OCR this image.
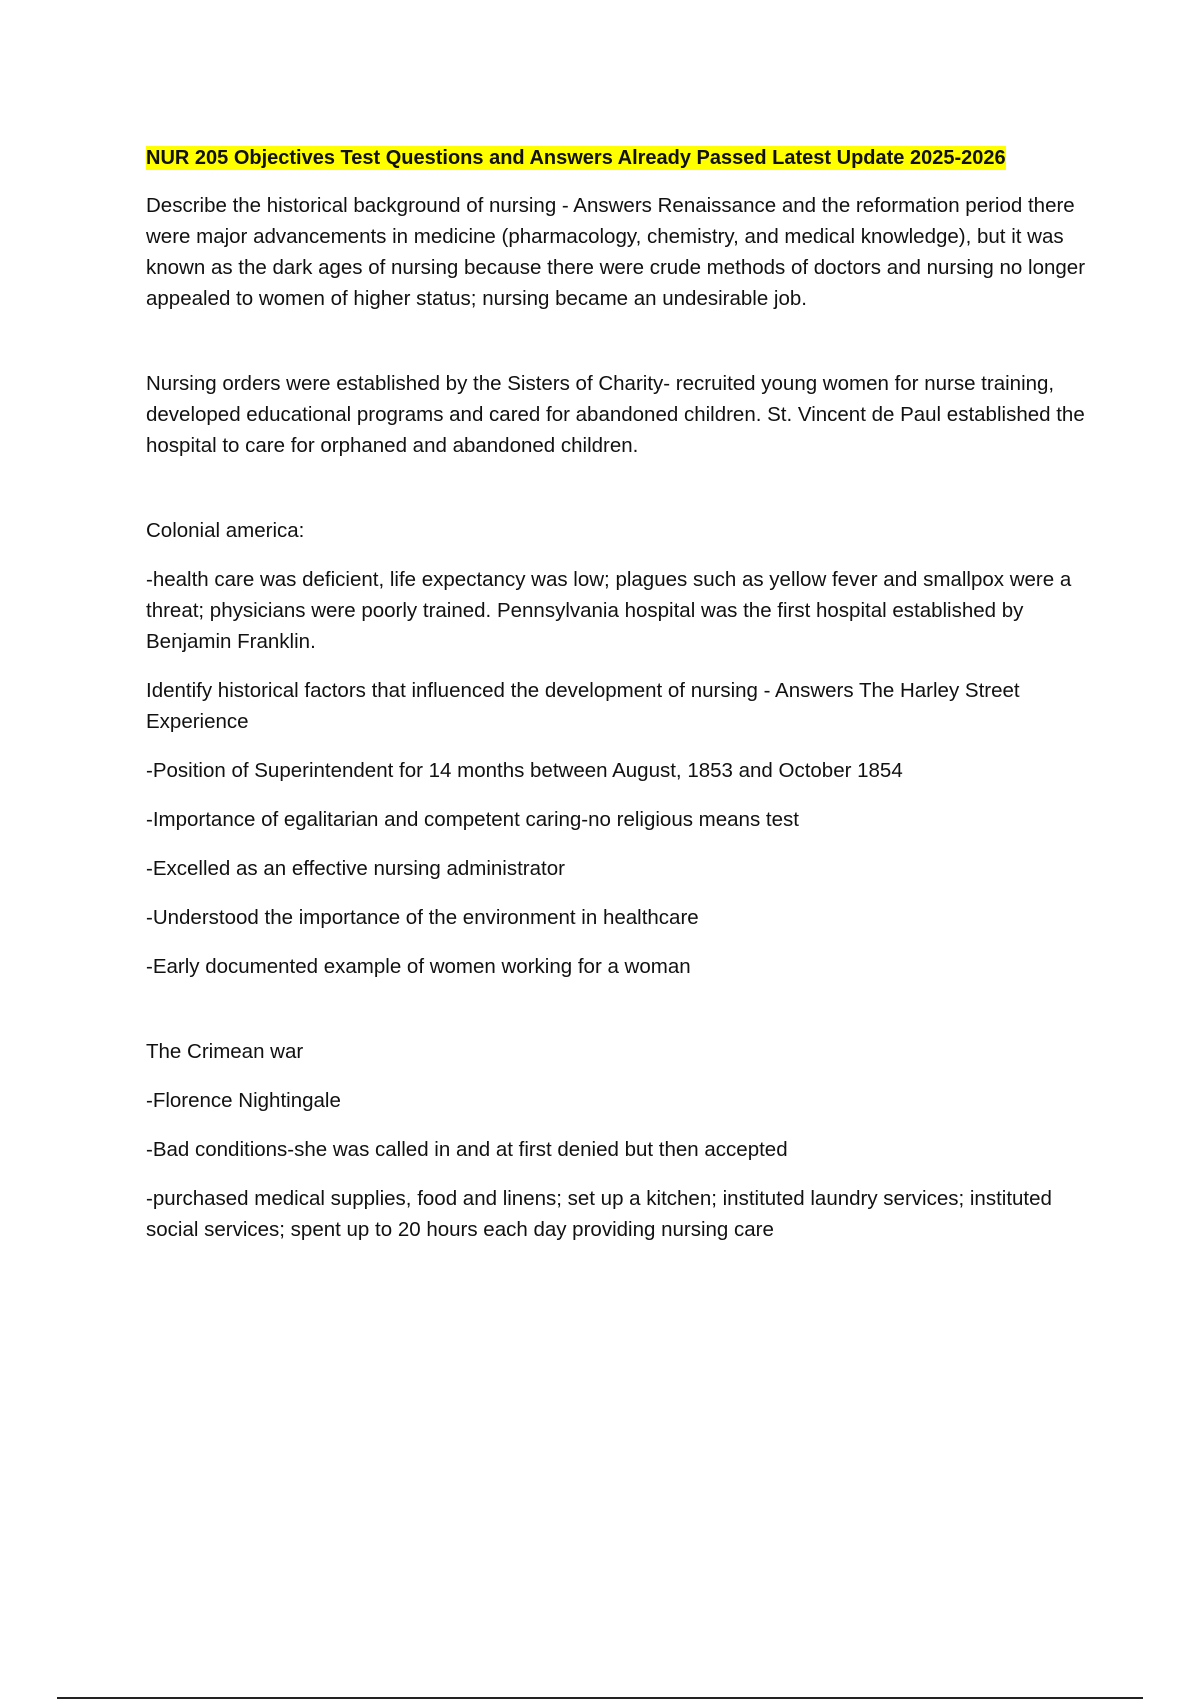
NUR 205 Objectives Test Questions and Answers Already Passed Latest Update 2025-2026

Describe the historical background of nursing - Answers Renaissance and the reformation period there were major advancements in medicine (pharmacology, chemistry, and medical knowledge), but it was known as the dark ages of nursing because there were crude methods of doctors and nursing no longer appealed to women of higher status; nursing became an undesirable job.

Nursing orders were established by the Sisters of Charity- recruited young women for nurse training, developed educational programs and cared for abandoned children. St. Vincent de Paul established the hospital to care for orphaned and abandoned children.

Colonial america:

-health care was deficient, life expectancy was low; plagues such as yellow fever and smallpox were a threat; physicians were poorly trained. Pennsylvania hospital was the first hospital established by Benjamin Franklin.

Identify historical factors that influenced the development of nursing - Answers The Harley Street Experience

-Position of Superintendent for 14 months between August, 1853 and October 1854

-Importance of egalitarian and competent caring-no religious means test

-Excelled as an effective nursing administrator

-Understood the importance of the environment in healthcare

-Early documented example of women working for a woman

The Crimean war

-Florence Nightingale

-Bad conditions-she was called in and at first denied but then accepted

-purchased medical supplies, food and linens; set up a kitchen; instituted laundry services; instituted social services; spent up to 20 hours each day providing nursing care
